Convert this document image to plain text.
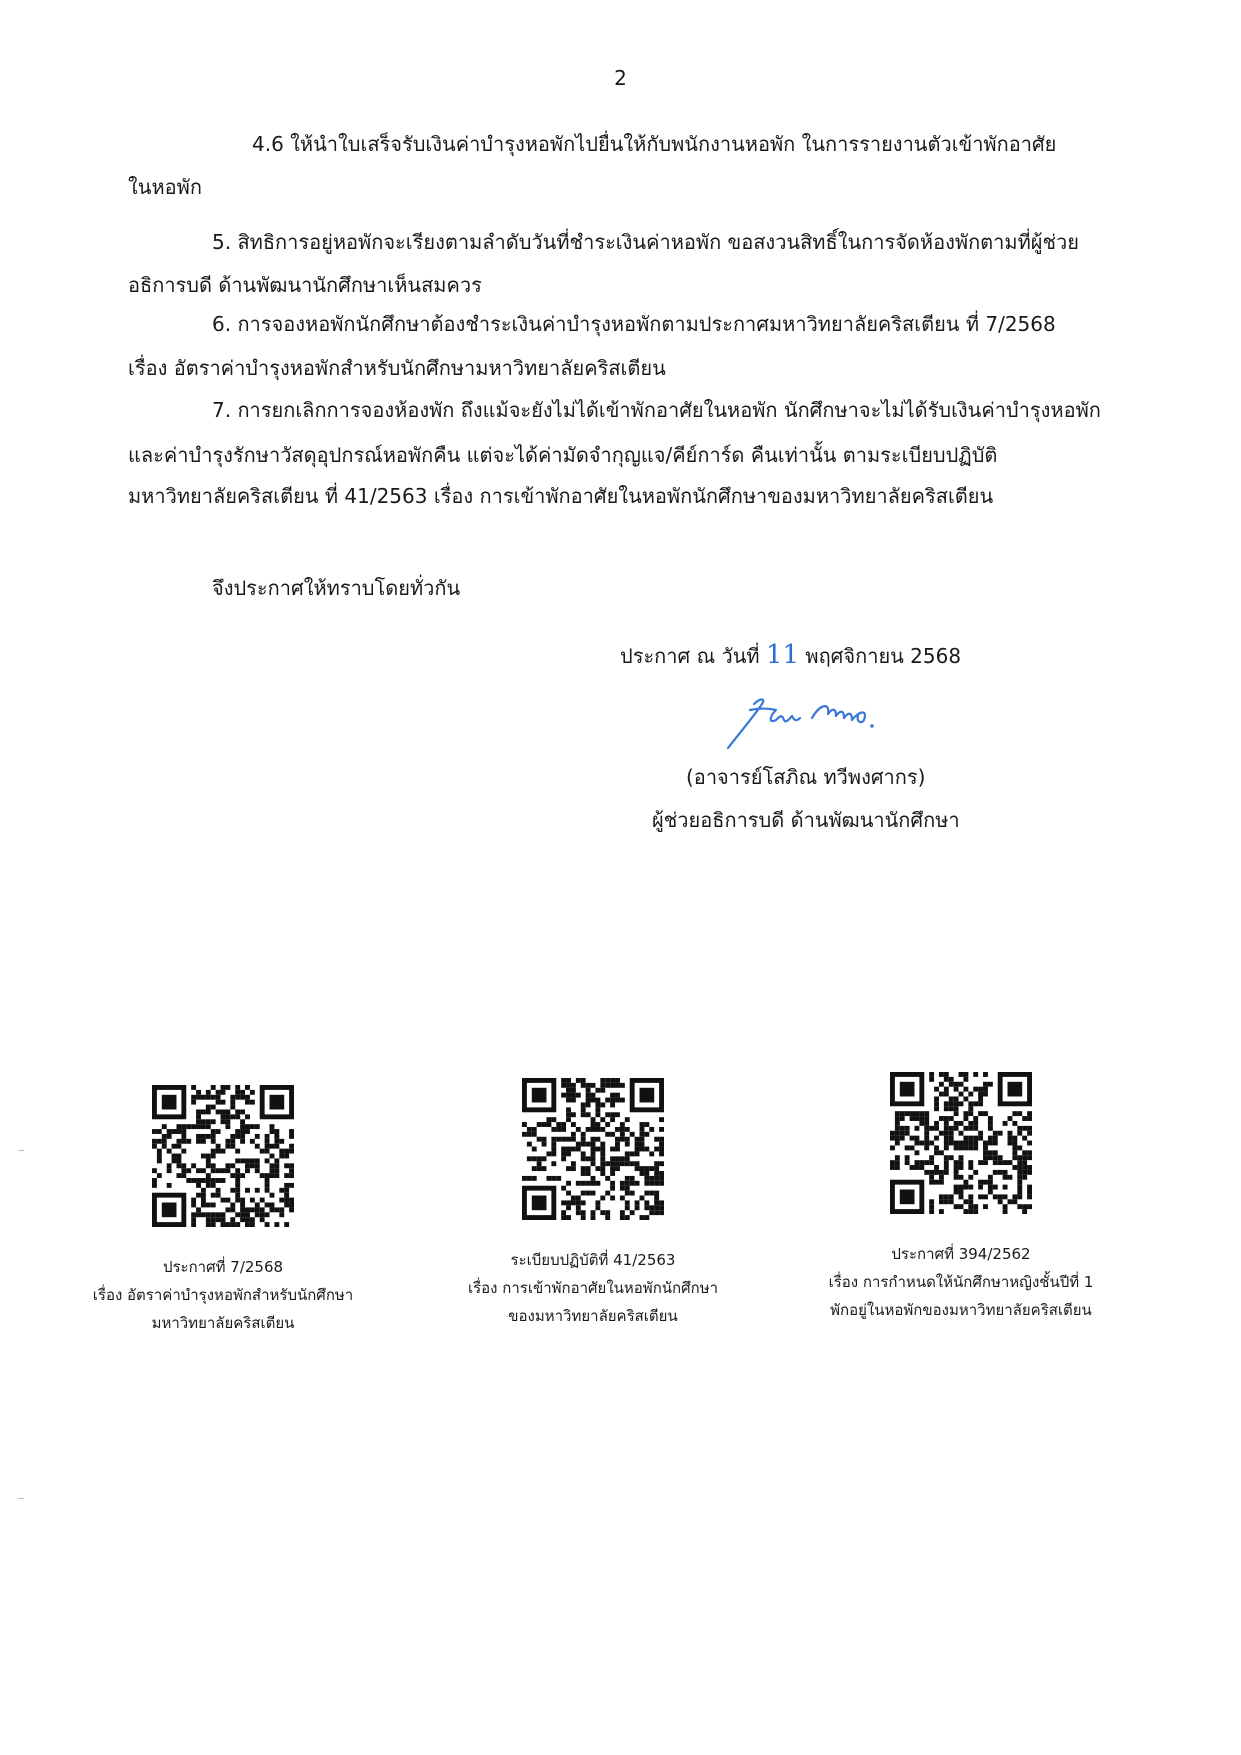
2
4.6 ให้นำใบเสร็จรับเงินค่าบำรุงหอพักไปยื่นให้กับพนักงานหอพัก ในการรายงานตัวเข้าพักอาศัย
ในหอพัก
5. สิทธิการอยู่หอพักจะเรียงตามลำดับวันที่ชำระเงินค่าหอพัก ขอสงวนสิทธิ์ในการจัดห้องพักตามที่ผู้ช่วย
อธิการบดี ด้านพัฒนานักศึกษาเห็นสมควร
6. การจองหอพักนักศึกษาต้องชำระเงินค่าบำรุงหอพักตามประกาศมหาวิทยาลัยคริสเตียน ที่ 7/2568
เรื่อง อัตราค่าบำรุงหอพักสำหรับนักศึกษามหาวิทยาลัยคริสเตียน
7. การยกเลิกการจองห้องพัก ถึงแม้จะยังไม่ได้เข้าพักอาศัยในหอพัก นักศึกษาจะไม่ได้รับเงินค่าบำรุงหอพัก
และค่าบำรุงรักษาวัสดุอุปกรณ์หอพักคืน แต่จะได้ค่ามัดจำกุญแจ/คีย์การ์ด คืนเท่านั้น ตามระเบียบปฏิบัติ
มหาวิทยาลัยคริสเตียน ที่ 41/2563 เรื่อง การเข้าพักอาศัยในหอพักนักศึกษาของมหาวิทยาลัยคริสเตียน
จึงประกาศให้ทราบโดยทั่วกัน
ประกาศ ณ วันที่ 11 พฤศจิกายน 2568
(อาจารย์โสภิณ ทวีพงศากร)
ผู้ช่วยอธิการบดี ด้านพัฒนานักศึกษา
ประกาศที่ 7/2568
เรื่อง อัตราค่าบำรุงหอพักสำหรับนักศึกษา
มหาวิทยาลัยคริสเตียน
ระเบียบปฏิบัติที่ 41/2563
เรื่อง การเข้าพักอาศัยในหอพักนักศึกษา
ของมหาวิทยาลัยคริสเตียน
ประกาศที่ 394/2562
เรื่อง การกำหนดให้นักศึกษาหญิงชั้นปีที่ 1
พักอยู่ในหอพักของมหาวิทยาลัยคริสเตียน
